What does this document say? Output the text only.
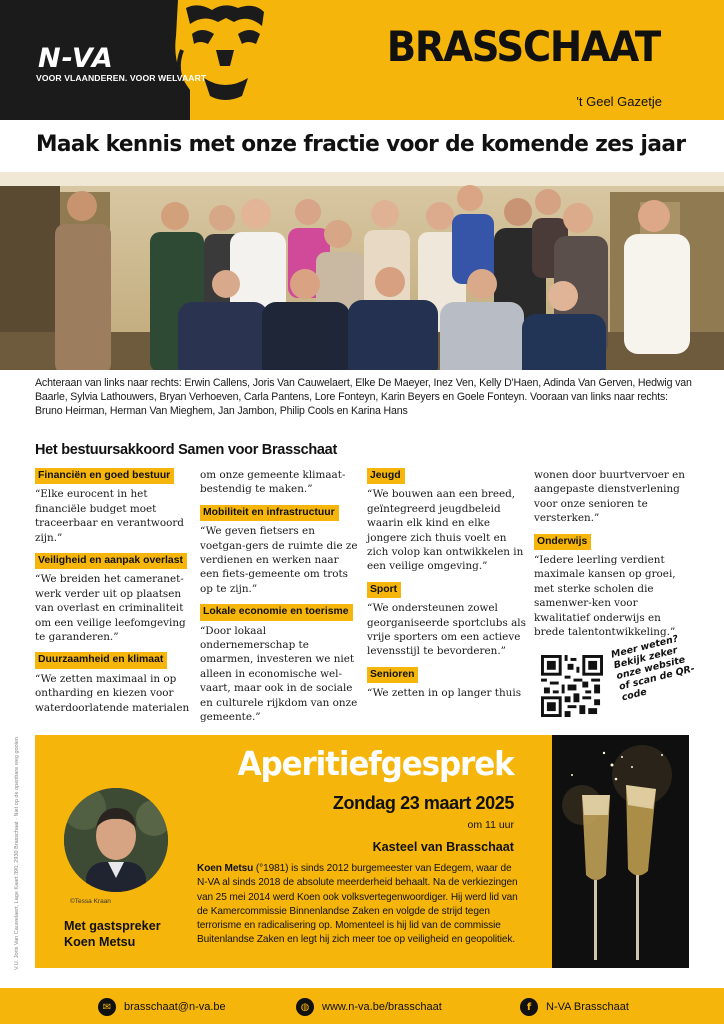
N-VA
VOOR VLAANDEREN. VOOR WELVAART
BRASSCHAAT
't Geel Gazetje
Maak kennis met onze fractie voor de komende zes jaar
Achteraan van links naar rechts: Erwin Callens, Joris Van Cauwelaert, Elke De Maeyer, Inez Ven, Kelly D'Haen, Adinda Van Gerven, Hedwig van Baarle, Sylvia Lathouwers, Bryan Verhoeven, Carla Pantens, Lore Fonteyn, Karin Beyers en Goele Fonteyn. Vooraan van links naar rechts: Bruno Heirman, Herman Van Mieghem, Jan Jambon, Philip Cools en Karina Hans
Het bestuursakkoord Samen voor Brasschaat

Financiën en goed bestuur
“Elke eurocent in het financiële budget moet traceerbaar en verantwoord zijn.”

Veiligheid en aanpak overlast
“We breiden het cameranet-werk verder uit op plaatsen van overlast en criminaliteit om een veilige leefomgeving te garanderen.”

Duurzaamheid en klimaat
“We zetten maximaal in op ontharding en kiezen voor waterdoorlatende materialen

om onze gemeente klimaat-bestendig te maken.”

Mobiliteit en infrastructuur
“We geven fietsers en voetgan-gers de ruimte die ze verdienen en werken naar een fiets-gemeente om trots op te zijn.”

Lokale economie en toerisme
“Door lokaal ondernemerschap te omarmen, investeren we niet alleen in economische wel-vaart, maar ook in de sociale en culturele rijkdom van onze gemeente.”

Jeugd
“We bouwen aan een breed, geïntegreerd jeugdbeleid waarin elk kind en elke jongere zich thuis voelt en zich volop kan ontwikkelen in een veilige omgeving.”

Sport
“We ondersteunen zowel georganiseerde sportclubs als vrije sporters om een actieve levensstijl te bevorderen.”

Senioren
“We zetten in op langer thuis

wonen door buurtvervoer en aangepaste dienstverlening voor onze senioren te versterken.”

Onderwijs
“Iedere leerling verdient maximale kansen op groei, met sterke scholen die samenwer-ken voor kwalitatief onderwijs en brede talentontwikkeling.”

Meer weten? Bekijk zeker onze website of scan de QR-code
V.U. Joris Van Cauwelaert, Lage Kaart 390, 2930 Brasschaat · Niet op de openbare weg gooien	Aperitiefgesprek
Zondag 23 maart 2025
om 11 uur
Kasteel van Brasschaat
Koen Metsu (°1981) is sinds 2012 burgemeester van Edegem, waar de N-VA al sinds 2018 de absolute meerderheid behaalt. Na de verkiezingen van 25 mei 2014 werd Koen ook volksvertegenwoordiger. Hij werd lid van de Kamercommissie Binnenlandse Zaken en volgde de strijd tegen terrorisme en radicalisering op. Momenteel is hij lid van de commissie Buitenlandse Zaken en legt hij zich meer toe op veiligheid en geopolitiek.
©Tessa Kraan
Met gastspreker
Koen Metsu
✉	brasschaat@n-va.be	◍	www.n-va.be/brasschaat	f	N-VA Brasschaat
